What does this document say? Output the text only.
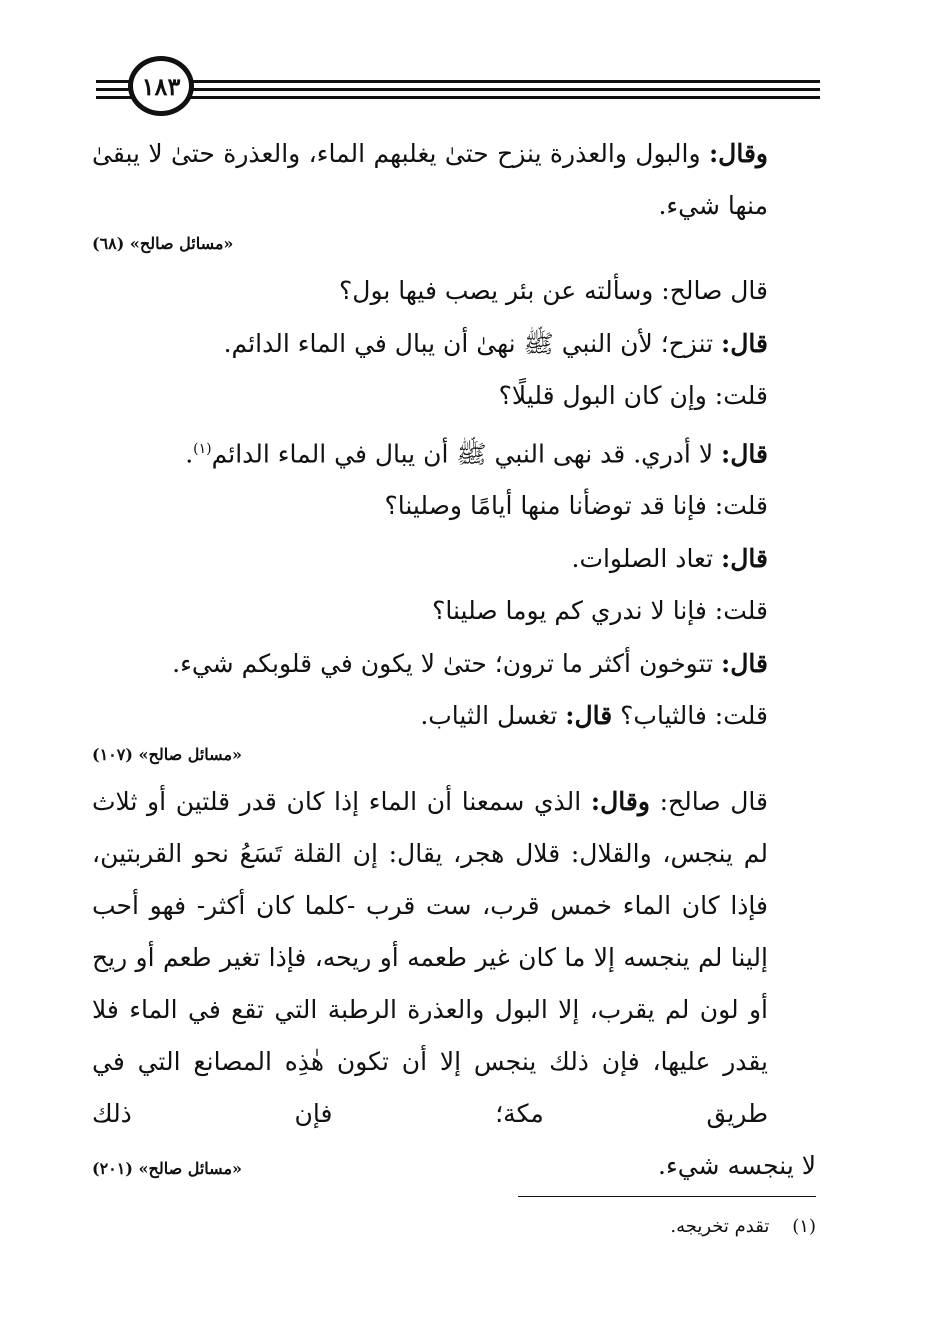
١٨٣

وقال: والبول والعذرة ينزح حتىٰ يغلبهم الماء، والعذرة حتىٰ لا يبقىٰ منها شيء.

«مسائل صالح» (٦٨)

قال صالح: وسألته عن بئر يصب فيها بول؟

قال: تنزح؛ لأن النبي ﷺ نهىٰ أن يبال في الماء الدائم.

قلت: وإن كان البول قليلًا؟

قال: لا أدري. قد نهى النبي ﷺ أن يبال في الماء الدائم$^{(١)}$.

قلت: فإنا قد توضأنا منها أيامًا وصلينا؟

قال: تعاد الصلوات.

قلت: فإنا لا ندري كم يوما صلينا؟

قال: تتوخون أكثر ما ترون؛ حتىٰ لا يكون في قلوبكم شيء.

قلت: فالثياب؟ قال: تغسل الثياب.

«مسائل صالح» (١٠٧)

قال صالح: وقال: الذي سمعنا أن الماء إذا كان قدر قلتين أو ثلاث لم ينجس، والقلال: قلال هجر، يقال: إن القلة تَسَعُ نحو القربتين، فإذا كان الماء خمس قرب، ست قرب -كلما كان أكثر- فهو أحب إلينا لم ينجسه إلا ما كان غير طعمه أو ريحه، فإذا تغير طعم أو ريح أو لون لم يقرب، إلا البول والعذرة الرطبة التي تقع في الماء فلا يقدر عليها، فإن ذلك ينجس إلا أن تكون هٰذِه المصانع التي في طريق مكة؛ فإن ذلك

لا ينجسه شيء.
«مسائل صالح» (٢٠١)
(١)    تقدم تخريجه.
